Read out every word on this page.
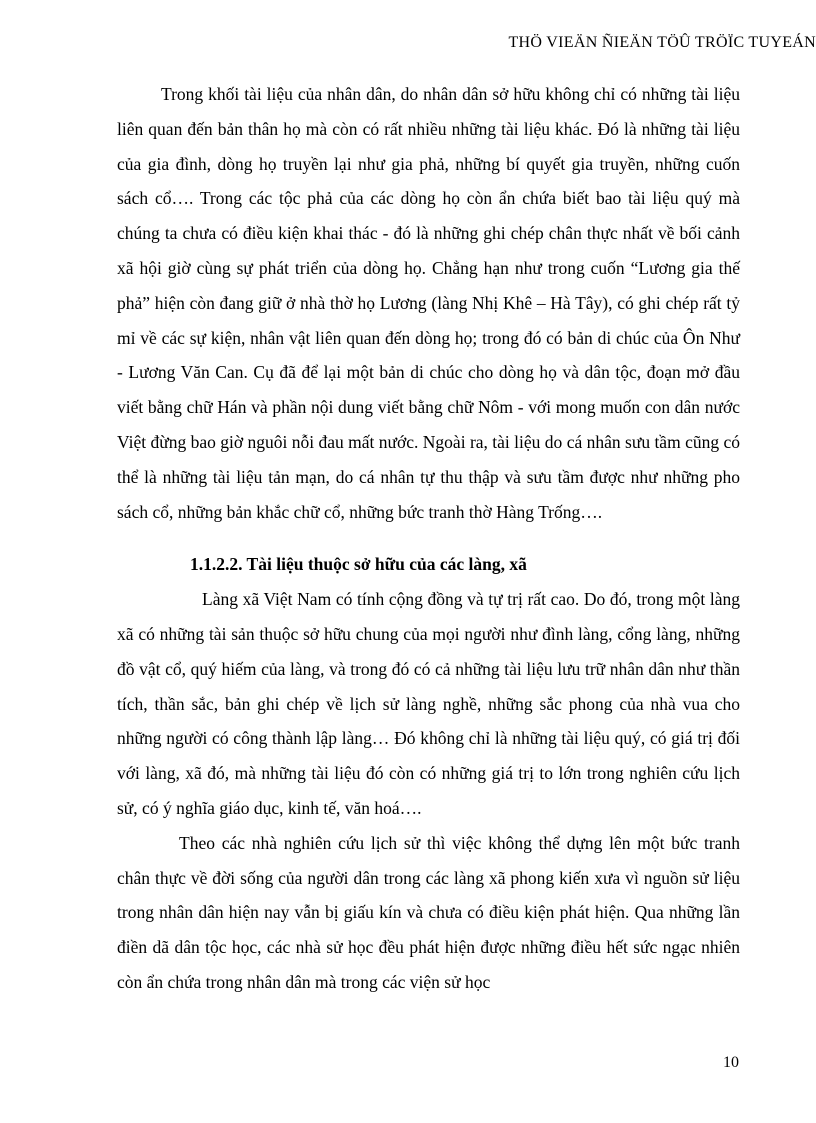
THÖ VIEÄN ÑIEÄN TÖÛ TRÖÏC TUYEÁN

Trong khối tài liệu của nhân dân, do nhân dân sở hữu không chỉ có những tài liệu liên quan đến bản thân họ mà còn có rất nhiều những tài liệu khác. Đó là những tài liệu của gia đình, dòng họ truyền lại như gia phả, những bí quyết gia truyền, những cuốn sách cổ…. Trong các tộc phả của các dòng họ còn ẩn chứa biết bao tài liệu quý mà chúng ta chưa có điều kiện khai thác - đó là những ghi chép chân thực nhất về bối cảnh xã hội giờ cùng sự phát triển của dòng họ. Chẳng hạn như trong cuốn “Lương gia thế phả” hiện còn đang giữ ở nhà thờ họ Lương (làng Nhị Khê – Hà Tây), có ghi chép rất tỷ mỉ về các sự kiện, nhân vật liên quan đến dòng họ; trong đó có bản di chúc của Ôn Như - Lương Văn Can. Cụ đã để lại một bản di chúc cho dòng họ và dân tộc, đoạn mở đầu viết bằng chữ Hán và phần nội dung viết bằng chữ Nôm - với mong muốn con dân nước Việt đừng bao giờ nguôi nỗi đau mất nước. Ngoài ra, tài liệu do cá nhân sưu tầm cũng có thể là những tài liệu tản mạn, do cá nhân tự thu thập và sưu tầm được như những pho sách cổ, những bản khắc chữ cổ, những bức tranh thờ Hàng Trống….

1.1.2.2. Tài liệu thuộc sở hữu của các làng, xã

Làng xã Việt Nam có tính cộng đồng và tự trị rất cao. Do đó, trong một làng xã có những tài sản thuộc sở hữu chung của mọi người như đình làng, cổng làng, những đồ vật cổ, quý hiếm của làng, và trong đó có cả những tài liệu lưu trữ nhân dân như thần tích, thần sắc, bản ghi chép về lịch sử làng nghề, những sắc phong của nhà vua cho những người có công thành lập làng… Đó không chỉ là những tài liệu quý, có giá trị đối với làng, xã đó, mà những tài liệu đó còn có những giá trị to lớn trong nghiên cứu lịch sử, có ý nghĩa giáo dục, kinh tế, văn hoá….

Theo các nhà nghiên cứu lịch sử thì việc không thể dựng lên một bức tranh chân thực về đời sống của người dân trong các làng xã phong kiến xưa vì nguồn sử liệu trong nhân dân hiện nay vẫn bị giấu kín và chưa có điều kiện phát hiện. Qua những lần điền dã dân tộc học, các nhà sử học đều phát hiện được những điều hết sức ngạc nhiên còn ẩn chứa trong nhân dân mà trong các viện sử học

10
